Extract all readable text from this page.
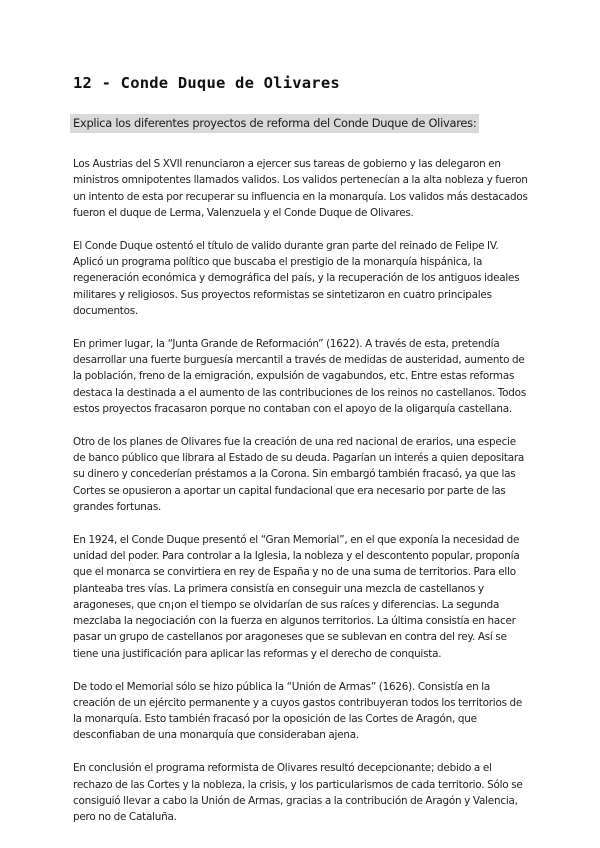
12 - Conde Duque de Olivares
Explica los diferentes proyectos de reforma del Conde Duque de Olivares:

Los Austrias del S XVII renunciaron a ejercer sus tareas de gobierno y las delegaron en ministros omnipotentes llamados validos. Los validos pertenecían a la alta nobleza y fueron un intento de esta por recuperar su influencia en la monarquía. Los validos más destacados fueron el duque de Lerma, Valenzuela y el Conde Duque de Olivares.

El Conde Duque ostentó el título de valido durante gran parte del reinado de Felipe IV. Aplicó un programa político que buscaba el prestigio de la monarquía hispánica, la regeneración económica y demográfica del país, y la recuperación de los antiguos ideales militares y religiosos. Sus proyectos reformistas se sintetizaron en cuatro principales documentos.

En primer lugar, la “Junta Grande de Reformación” (1622). A través de esta, pretendía desarrollar una fuerte burguesía mercantil a través de medidas de austeridad, aumento de la población, freno de la emigración, expulsión de vagabundos, etc. Entre estas reformas destaca la destinada a el aumento de las contribuciones de los reinos no castellanos. Todos estos proyectos fracasaron porque no contaban con el apoyo de la oligarquía castellana.

Otro de los planes de Olivares fue la creación de una red nacional de erarios, una especie de banco público que librara al Estado de su deuda. Pagarían un interés a quien depositara su dinero y concederían préstamos a la Corona. Sin embargó también fracasó, ya que las Cortes se opusieron a aportar un capital fundacional que era necesario por parte de las grandes fortunas.

En 1924, el Conde Duque presentó el “Gran Memorial”, en el que exponía la necesidad de unidad del poder. Para controlar a la Iglesia, la nobleza y el descontento popular, proponía que el monarca se convirtiera en rey de España y no de una suma de territorios. Para ello planteaba tres vías. La primera consistía en conseguir una mezcla de castellanos y aragoneses, que cn¡on el tiempo se olvidarían de sus raíces y diferencias. La segunda mezclaba la negociación con la fuerza en algunos territorios. La última consistía en hacer pasar un grupo de castellanos por aragoneses que se sublevan en contra del rey. Así se tiene una justificación para aplicar las reformas y el derecho de conquista.

De todo el Memorial sólo se hizo pública la “Unión de Armas” (1626). Consistía en la creación de un ejército permanente y a cuyos gastos contribuyeran todos los territorios de la monarquía. Esto también fracasó por la oposición de las Cortes de Aragón, que desconfiaban de una monarquía que consideraban ajena.

En conclusión el programa reformista de Olivares resultó decepcionante; debido a el rechazo de las Cortes y la nobleza, la crisis, y los particularismos de cada territorio. Sólo se consiguió llevar a cabo la Unión de Armas, gracias a la contribución de Aragón y Valencia, pero no de Cataluña.
